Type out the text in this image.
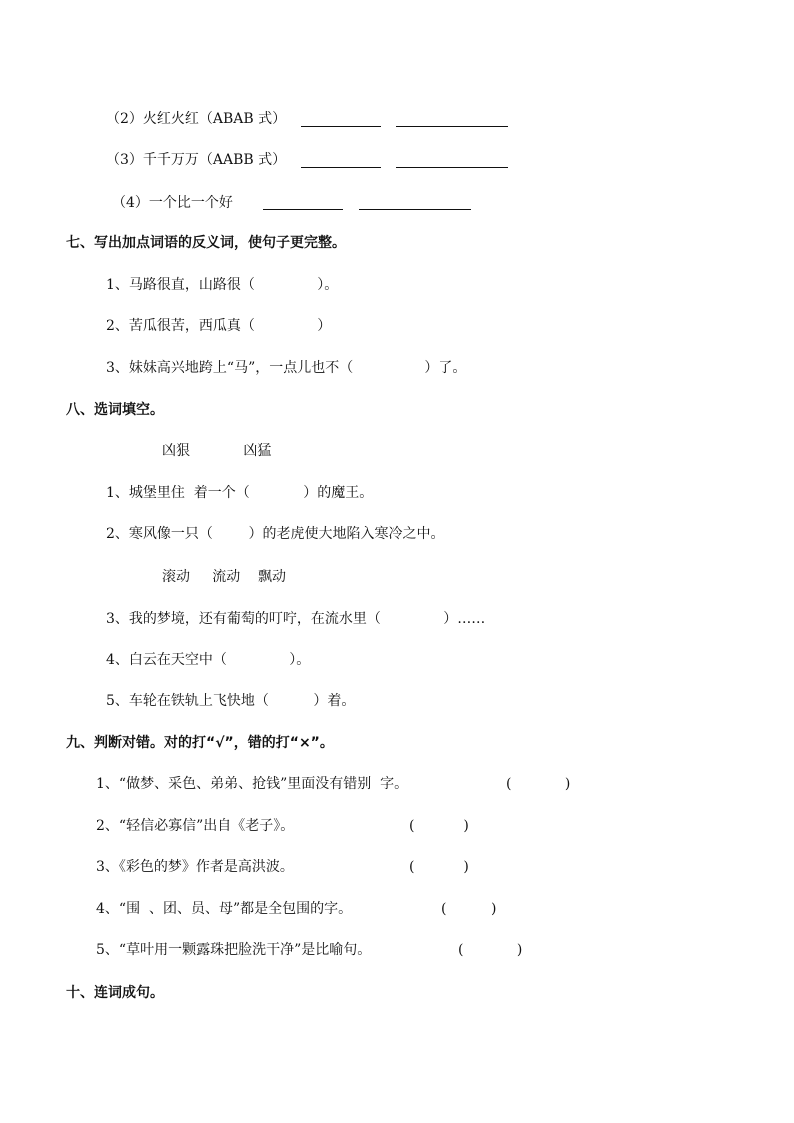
（2）火红火红（ABAB 式）
（3）千千万万（AABB 式）
（4）一个比一个好
七、写出加点词语的反义词，使句子更完整。
1、马路很直，山路很（              ）。
2、苦瓜很苦，西瓜真（              ）
3、妹妹高兴地跨上“马”，一点儿也不（                ）了。
八、选词填空。
凶狠            凶猛
1、城堡里住  着一个（            ）的魔王。
2、寒风像一只（        ）的老虎使大地陷入寒冷之中。
滚动     流动    飘动
3、我的梦境，还有葡萄的叮咛，在流水里（              ）……
4、白云在天空中（              ）。
5、车轮在铁轨上飞快地（          ）着。
九、判断对错。对的打“√”，错的打“×”。
1、“做梦、采色、弟弟、抢钱”里面没有错别  字。	(            )
2、“轻信必寡信”出自《老子》。	(           )
3、《彩色的梦》作者是高洪波。	(           )
4、“围  、团、员、母”都是全包围的字。	(          )
5、“草叶用一颗露珠把脸洗干净”是比喻句。	(            )
十、连词成句。
